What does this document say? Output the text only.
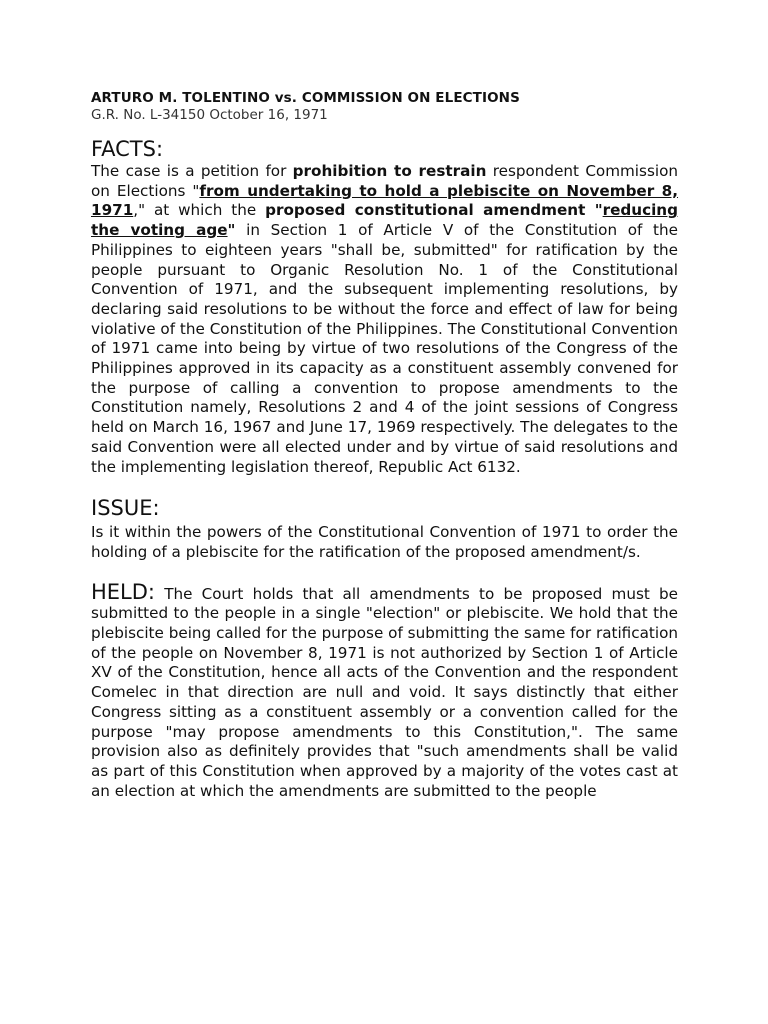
ARTURO M. TOLENTINO vs. COMMISSION ON ELECTIONS

G.R. No. L-34150 October 16, 1971

FACTS:

The case is a petition for prohibition to restrain respondent Commission on Elections "from undertaking to hold a plebiscite on November 8, 1971," at which the proposed constitutional amendment "reducing the voting age" in Section 1 of Article V of the Constitution of the Philippines to eighteen years "shall be, submitted" for ratification by the people pursuant to Organic Resolution No. 1 of the Constitutional Convention of 1971, and the subsequent implementing resolutions, by declaring said resolutions to be without the force and effect of law for being violative of the Constitution of the Philippines. The Constitutional Convention of 1971 came into being by virtue of two resolutions of the Congress of the Philippines approved in its capacity as a constituent assembly convened for the purpose of calling a convention to propose amendments to the Constitution namely, Resolutions 2 and 4 of the joint sessions of Congress held on March 16, 1967 and June 17, 1969 respectively. The delegates to the said Convention were all elected under and by virtue of said resolutions and the implementing legislation thereof, Republic Act 6132.

ISSUE:

Is it within the powers of the Constitutional Convention of 1971 to order the holding of a plebiscite for the ratification of the proposed amendment/s.

HELD: The Court holds that all amendments to be proposed must be submitted to the people in a single "election" or plebiscite. We hold that the plebiscite being called for the purpose of submitting the same for ratification of the people on November 8, 1971 is not authorized by Section 1 of Article XV of the Constitution, hence all acts of the Convention and the respondent Comelec in that direction are null and void. It says distinctly that either Congress sitting as a constituent assembly or a convention called for the purpose "may propose amendments to this Constitution,". The same provision also as definitely provides that "such amendments shall be valid as part of this Constitution when approved by a majority of the votes cast at an election at which the amendments are submitted to the people
